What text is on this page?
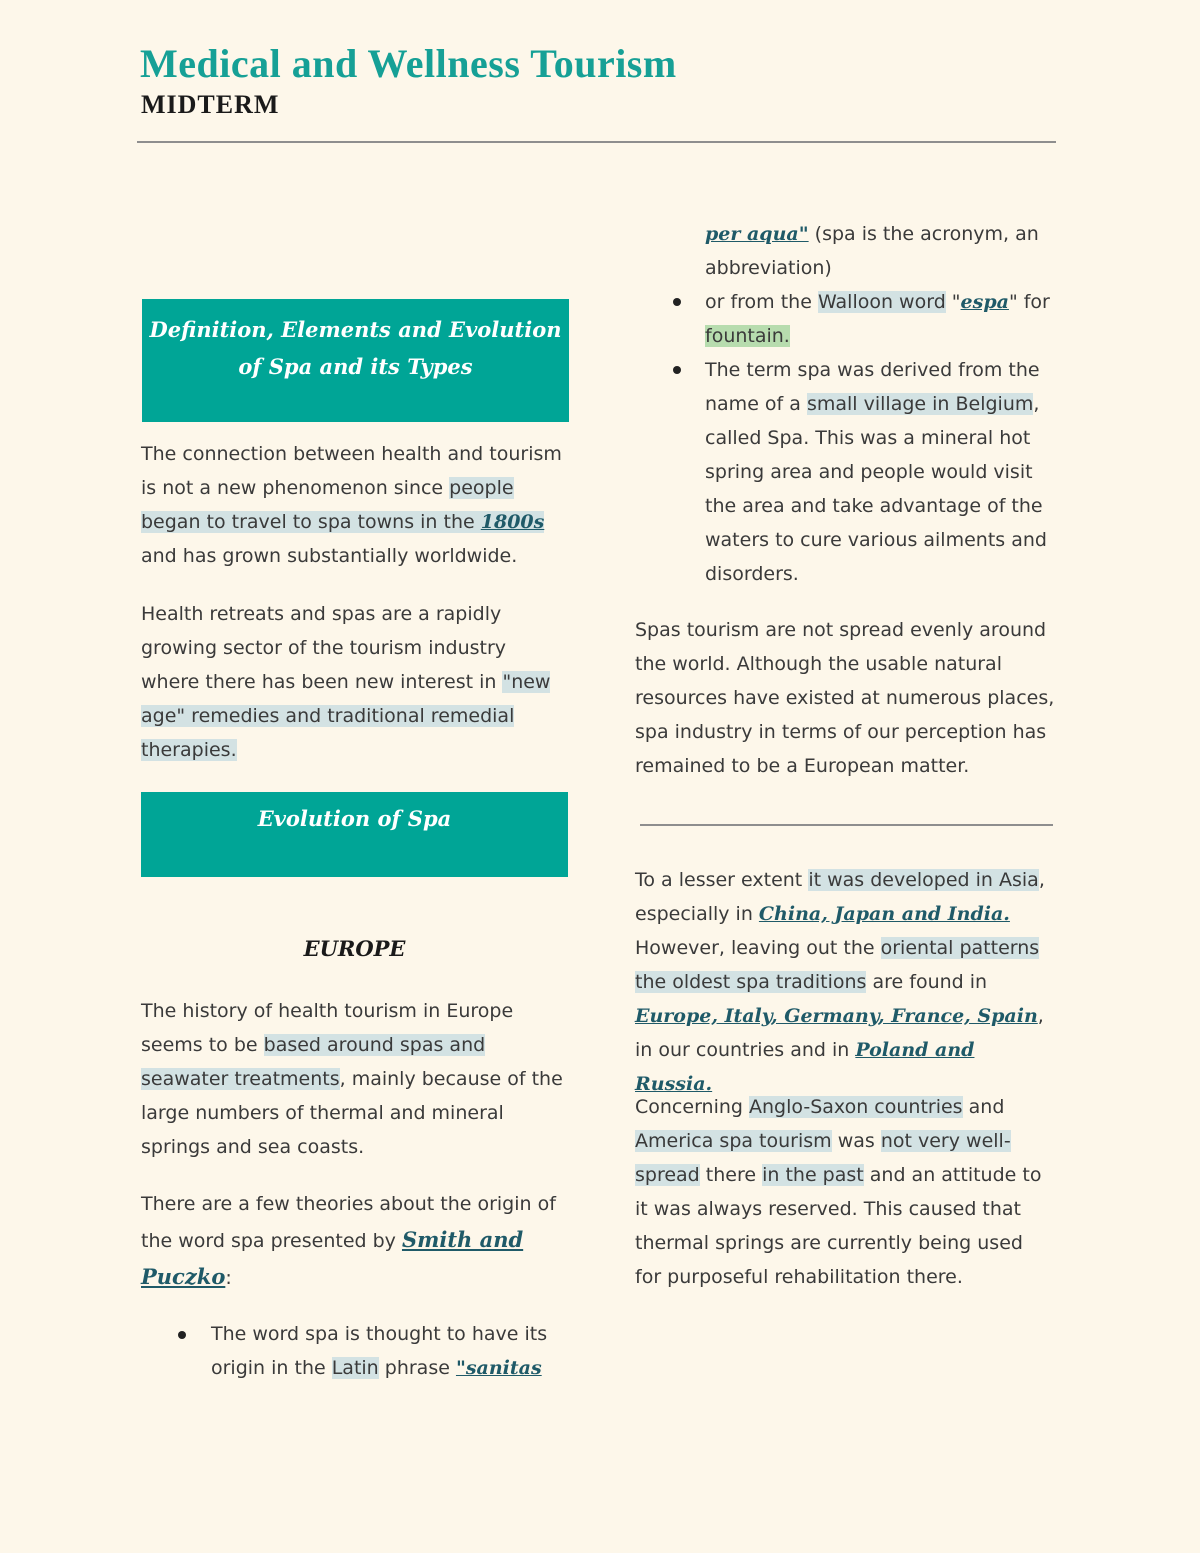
Medical and Wellness Tourism
MIDTERM
Definition, Elements and Evolution of Spa and its Types
The connection between health and tourism is not a new phenomenon since people began to travel to spa towns in the 1800s and has grown substantially worldwide.
Health retreats and spas are a rapidly growing sector of the tourism industry where there has been new interest in "new age" remedies and traditional remedial therapies.
Evolution of Spa
EUROPE
The history of health tourism in Europe seems to be based around spas and seawater treatments, mainly because of the large numbers of thermal and mineral springs and sea coasts.
There are a few theories about the origin of the word spa presented by Smith and Puczko:
The word spa is thought to have its origin in the Latin phrase "sanitas
per aqua" (spa is the acronym, an abbreviation)
or from the Walloon word "espa" for fountain.
The term spa was derived from the name of a small village in Belgium, called Spa. This was a mineral hot spring area and people would visit the area and take advantage of the waters to cure various ailments and disorders.
Spas tourism are not spread evenly around the world. Although the usable natural resources have existed at numerous places, spa industry in terms of our perception has remained to be a European matter.
To a lesser extent it was developed in Asia, especially in China, Japan and India. However, leaving out the oriental patterns the oldest spa traditions are found in Europe, Italy, Germany, France, Spain, in our countries and in Poland and Russia.
Concerning Anglo-Saxon countries and America spa tourism was not very well-spread there in the past and an attitude to it was always reserved. This caused that thermal springs are currently being used for purposeful rehabilitation there.
